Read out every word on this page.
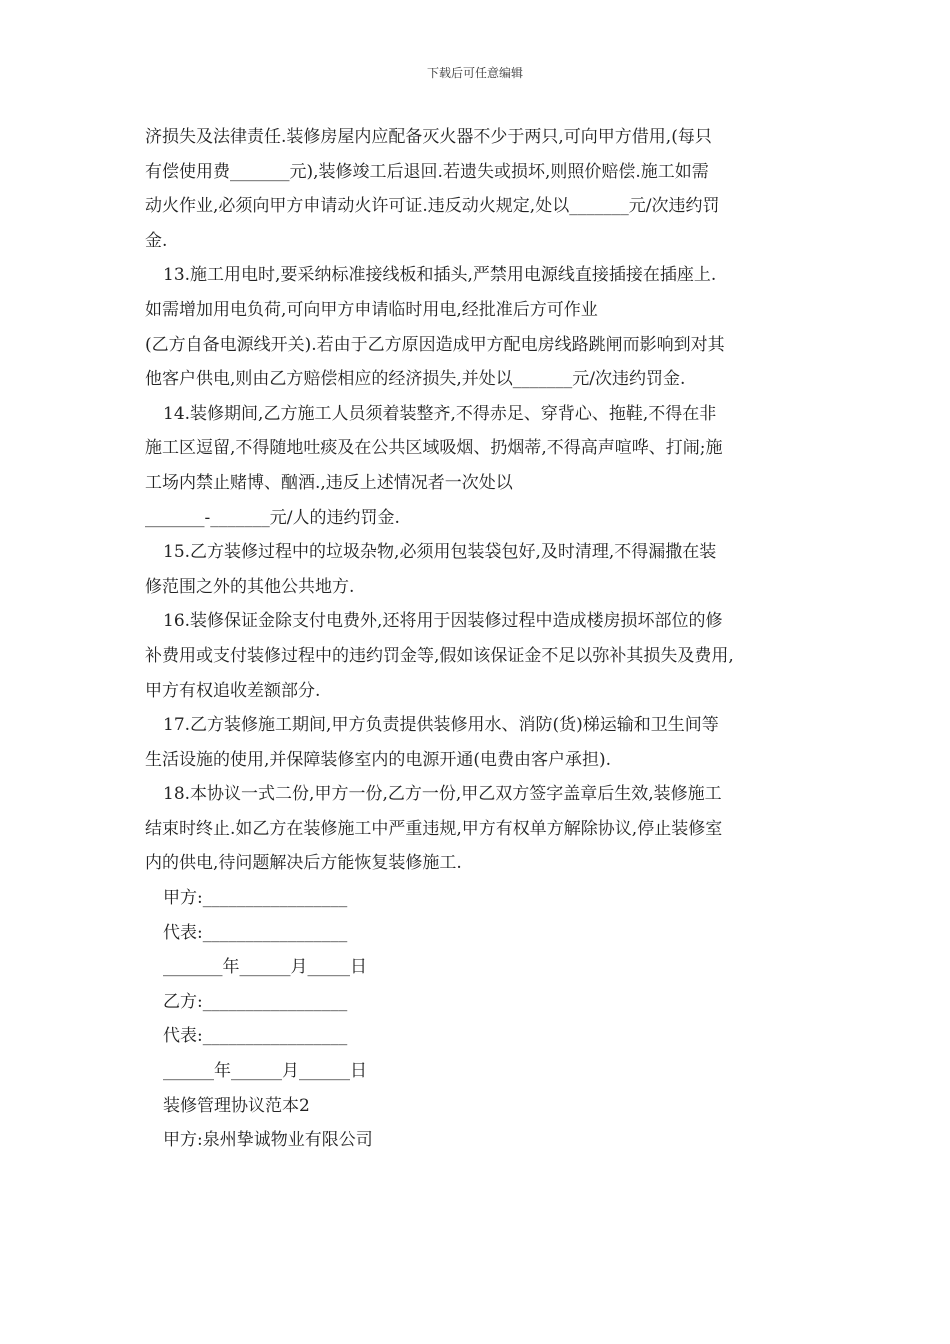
下载后可任意编辑

济损失及法律责任.装修房屋内应配备灭火器不少于两只,可向甲方借用,(每只

有偿使用费_______元),装修竣工后退回.若遗失或损坏,则照价赔偿.施工如需

动火作业,必须向甲方申请动火许可证.违反动火规定,处以_______元/次违约罚

金.

13.施工用电时,要采纳标准接线板和插头,严禁用电源线直接插接在插座上.

如需增加用电负荷,可向甲方申请临时用电,经批准后方可作业

(乙方自备电源线开关).若由于乙方原因造成甲方配电房线路跳闸而影响到对其

他客户供电,则由乙方赔偿相应的经济损失,并处以_______元/次违约罚金.

14.装修期间,乙方施工人员须着装整齐,不得赤足、穿背心、拖鞋,不得在非

施工区逗留,不得随地吐痰及在公共区域吸烟、扔烟蒂,不得高声喧哗、打闹;施

工场内禁止赌博、酗酒.,违反上述情况者一次处以

_______-_______元/人的违约罚金.

15.乙方装修过程中的垃圾杂物,必须用包装袋包好,及时清理,不得漏撒在装

修范围之外的其他公共地方.

16.装修保证金除支付电费外,还将用于因装修过程中造成楼房损坏部位的修

补费用或支付装修过程中的违约罚金等,假如该保证金不足以弥补其损失及费用,

甲方有权追收差额部分.

17.乙方装修施工期间,甲方负责提供装修用水、消防(货)梯运输和卫生间等

生活设施的使用,并保障装修室内的电源开通(电费由客户承担).

18.本协议一式二份,甲方一份,乙方一份,甲乙双方签字盖章后生效,装修施工

结束时终止.如乙方在装修施工中严重违规,甲方有权单方解除协议,停止装修室

内的供电,待问题解决后方能恢复装修施工.

甲方:_________________

代表:_________________

_______年______月_____日

乙方:_________________

代表:_________________

______年______月______日

装修管理协议范本2

甲方:泉州挚诚物业有限公司
